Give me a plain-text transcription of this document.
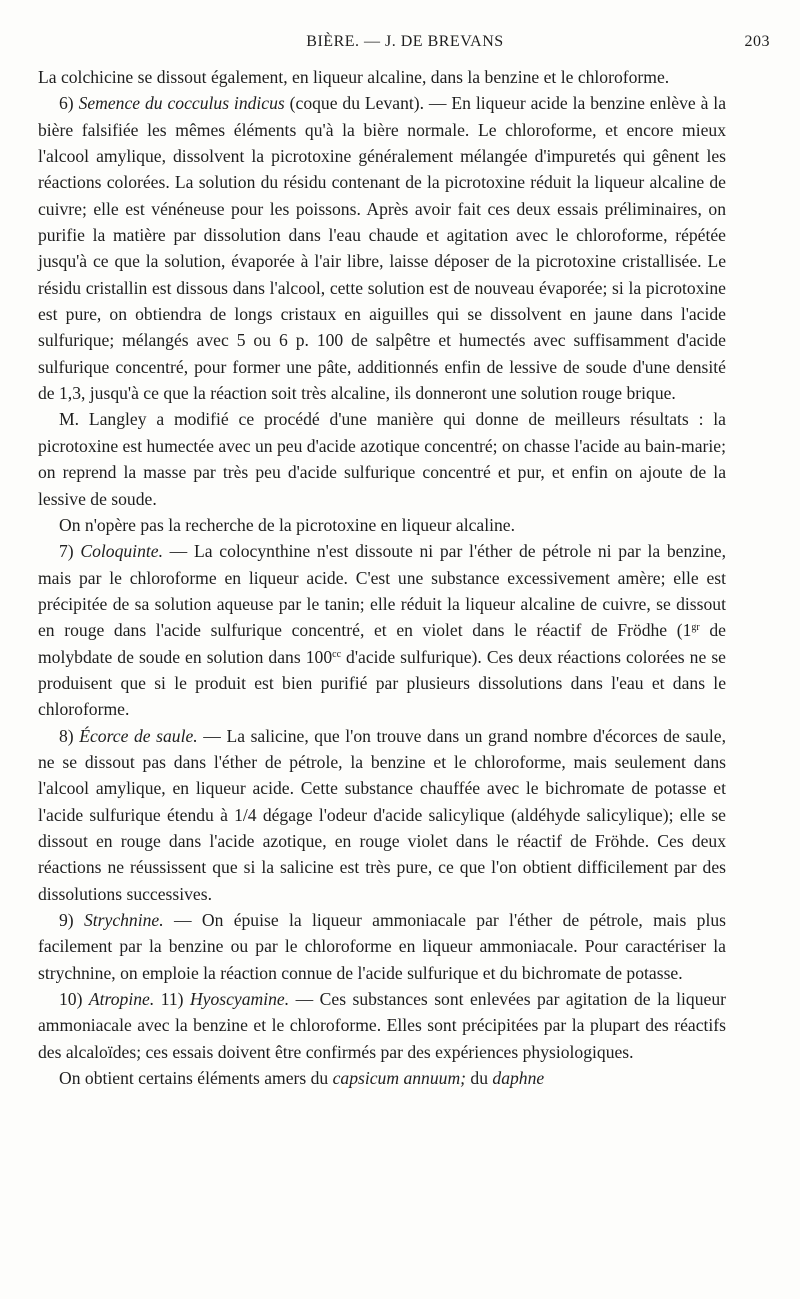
BIÈRE. — J. DE BREVANS	203

La colchicine se dissout également, en liqueur alcaline, dans la benzine et le chloroforme.

6) Semence du cocculus indicus (coque du Levant). — En liqueur acide la benzine enlève à la bière falsifiée les mêmes éléments qu'à la bière normale. Le chloroforme, et encore mieux l'alcool amylique, dissolvent la picrotoxine généralement mélangée d'impuretés qui gênent les réactions colorées. La solution du résidu contenant de la picrotoxine réduit la liqueur alcaline de cuivre; elle est vénéneuse pour les poissons. Après avoir fait ces deux essais préliminaires, on purifie la matière par dissolution dans l'eau chaude et agitation avec le chloroforme, répétée jusqu'à ce que la solution, évaporée à l'air libre, laisse déposer de la picrotoxine cristallisée. Le résidu cristallin est dissous dans l'alcool, cette solution est de nouveau évaporée; si la picrotoxine est pure, on obtiendra de longs cristaux en aiguilles qui se dissolvent en jaune dans l'acide sulfurique; mélangés avec 5 ou 6 p. 100 de salpêtre et humectés avec suffisamment d'acide sulfurique concentré, pour former une pâte, additionnés enfin de lessive de soude d'une densité de 1,3, jusqu'à ce que la réaction soit très alcaline, ils donneront une solution rouge brique.

M. Langley a modifié ce procédé d'une manière qui donne de meilleurs résultats : la picrotoxine est humectée avec un peu d'acide azotique concentré; on chasse l'acide au bain-marie; on reprend la masse par très peu d'acide sulfurique concentré et pur, et enfin on ajoute de la lessive de soude.

On n'opère pas la recherche de la picrotoxine en liqueur alcaline.

7) Coloquinte. — La colocynthine n'est dissoute ni par l'éther de pétrole ni par la benzine, mais par le chloroforme en liqueur acide. C'est une substance excessivement amère; elle est précipitée de sa solution aqueuse par le tanin; elle réduit la liqueur alcaline de cuivre, se dissout en rouge dans l'acide sulfurique concentré, et en violet dans le réactif de Frödhe ($1^{gr}$ de molybdate de soude en solution dans $100^{cc}$ d'acide sulfurique). Ces deux réactions colorées ne se produisent que si le produit est bien purifié par plusieurs dissolutions dans l'eau et dans le chloroforme.

8) Écorce de saule. — La salicine, que l'on trouve dans un grand nombre d'écorces de saule, ne se dissout pas dans l'éther de pétrole, la benzine et le chloroforme, mais seulement dans l'alcool amylique, en liqueur acide. Cette substance chauffée avec le bichromate de potasse et l'acide sulfurique étendu à 1/4 dégage l'odeur d'acide salicylique (aldéhyde salicylique); elle se dissout en rouge dans l'acide azotique, en rouge violet dans le réactif de Fröhde. Ces deux réactions ne réussissent que si la salicine est très pure, ce que l'on obtient difficilement par des dissolutions successives.

9) Strychnine. — On épuise la liqueur ammoniacale par l'éther de pétrole, mais plus facilement par la benzine ou par le chloroforme en liqueur ammoniacale. Pour caractériser la strychnine, on emploie la réaction connue de l'acide sulfurique et du bichromate de potasse.

10) Atropine. 11) Hyoscyamine. — Ces substances sont enlevées par agitation de la liqueur ammoniacale avec la benzine et le chloroforme. Elles sont précipitées par la plupart des réactifs des alcaloïdes; ces essais doivent être confirmés par des expériences physiologiques.

On obtient certains éléments amers du capsicum annuum; du daphne
